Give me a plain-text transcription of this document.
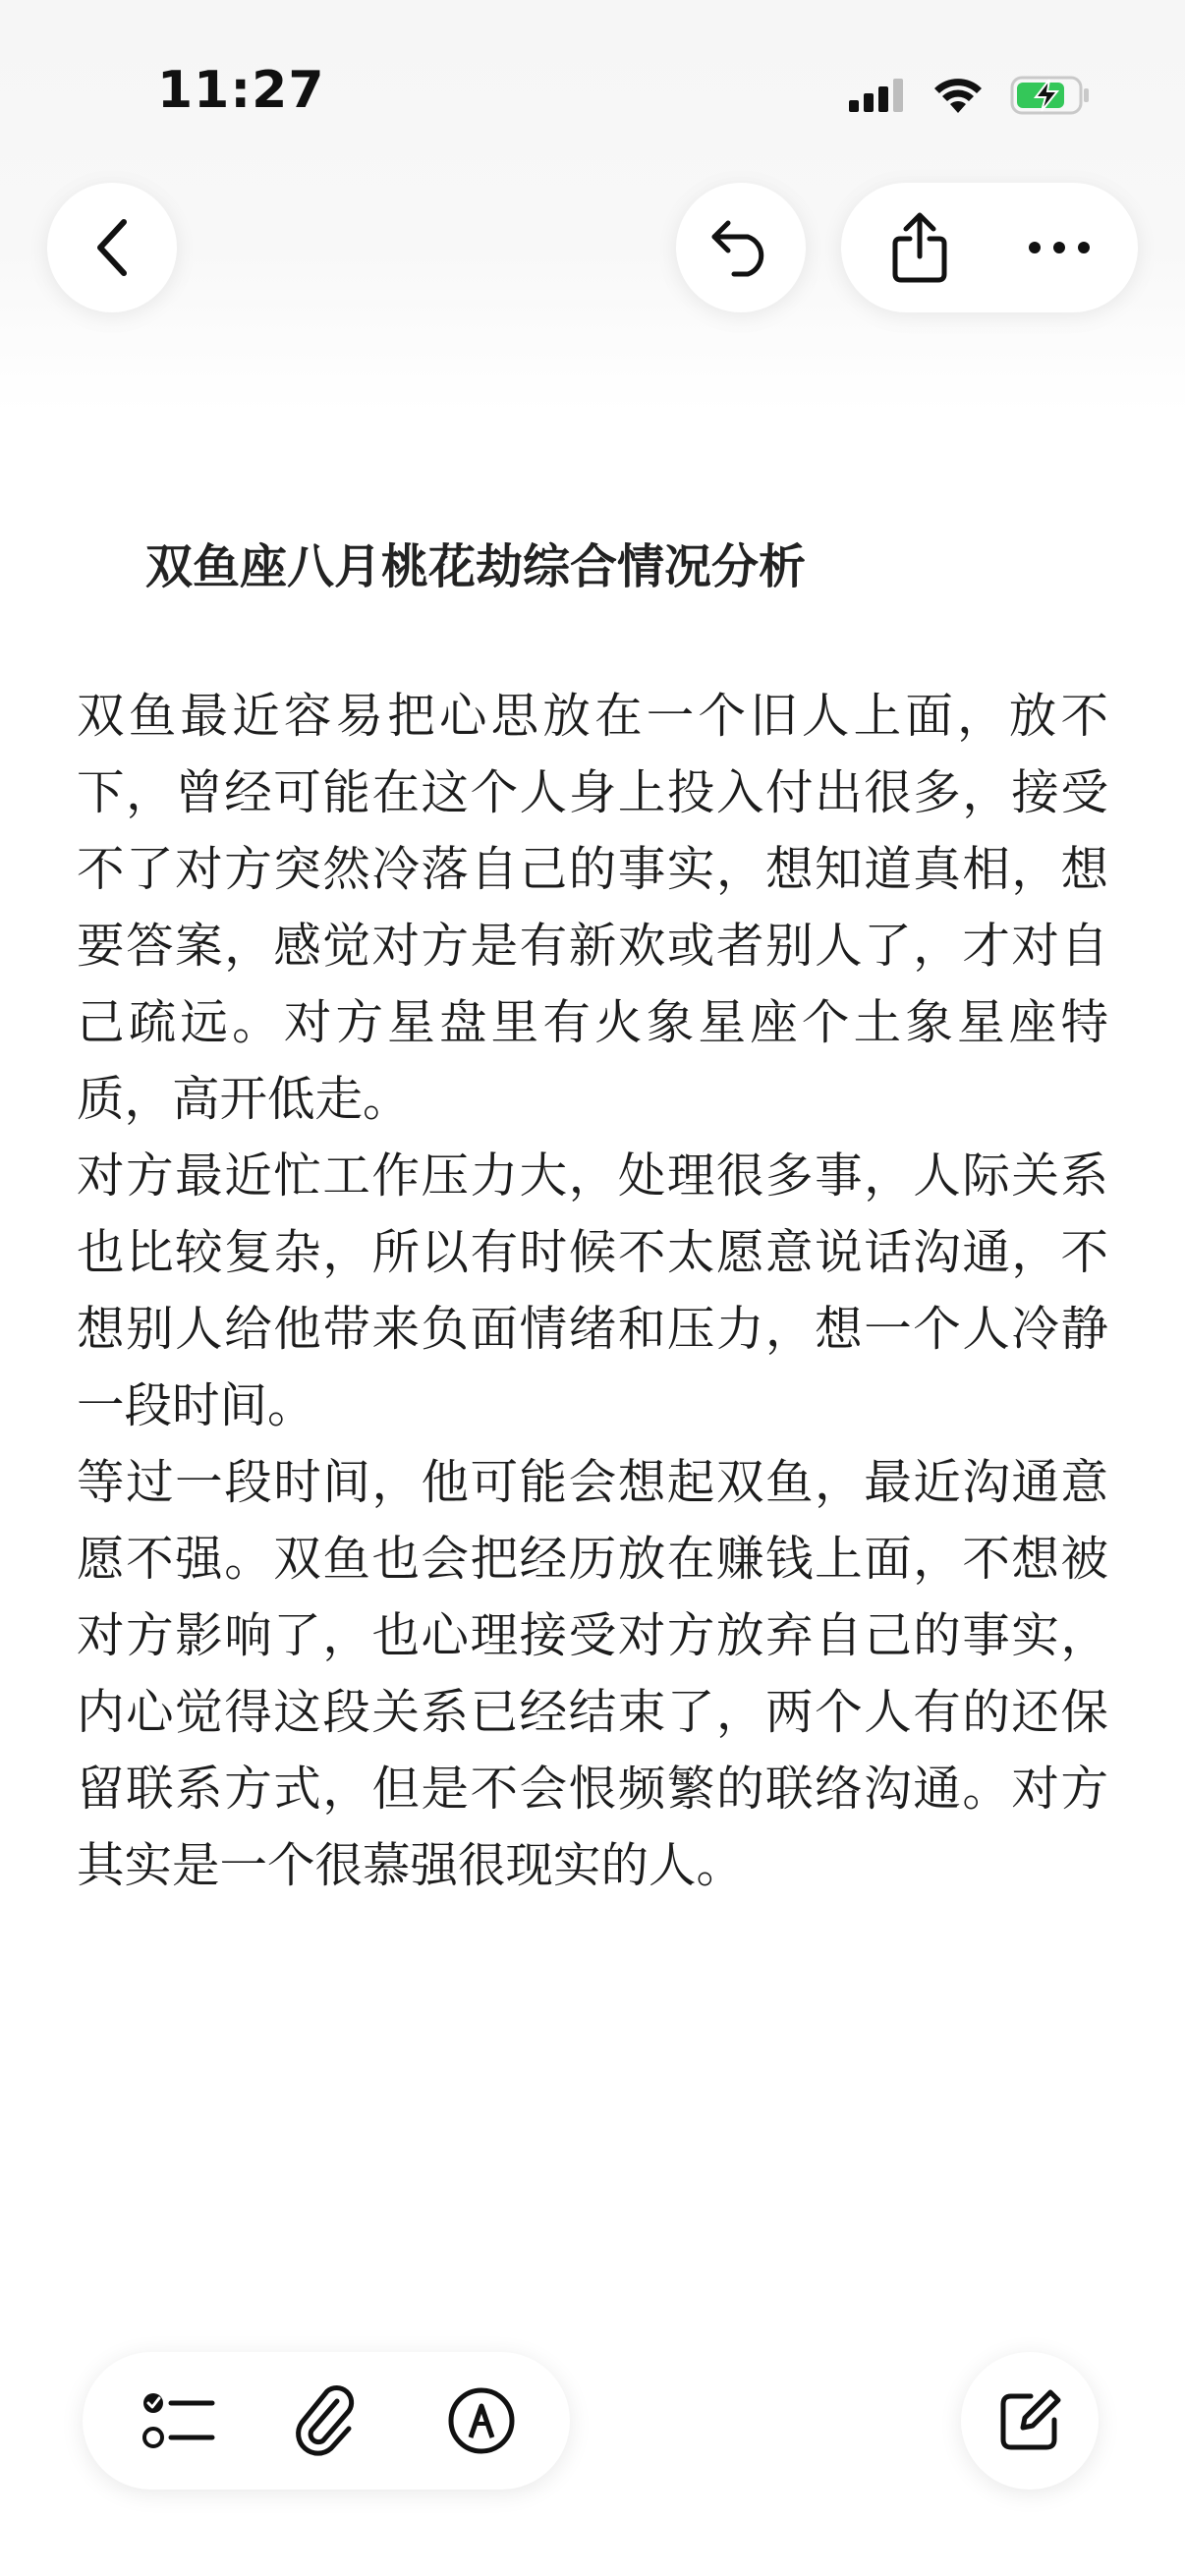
11:27
双鱼座八月桃花劫综合情况分析

双鱼最近容易把心思放在一个旧人上面，放不下，曾经可能在这个人身上投入付出很多，接受不了对方突然冷落自己的事实，想知道真相，想要答案，感觉对方是有新欢或者别人了，才对自己疏远。对方星盘里有火象星座个土象星座特质，高开低走。

对方最近忙工作压力大，处理很多事，人际关系也比较复杂，所以有时候不太愿意说话沟通，不想别人给他带来负面情绪和压力，想一个人冷静一段时间。

等过一段时间，他可能会想起双鱼，最近沟通意愿不强。双鱼也会把经历放在赚钱上面，不想被对方影响了，也心理接受对方放弃自己的事实，内心觉得这段关系已经结束了，两个人有的还保留联系方式，但是不会恨频繁的联络沟通。对方其实是一个很慕强很现实的人。
